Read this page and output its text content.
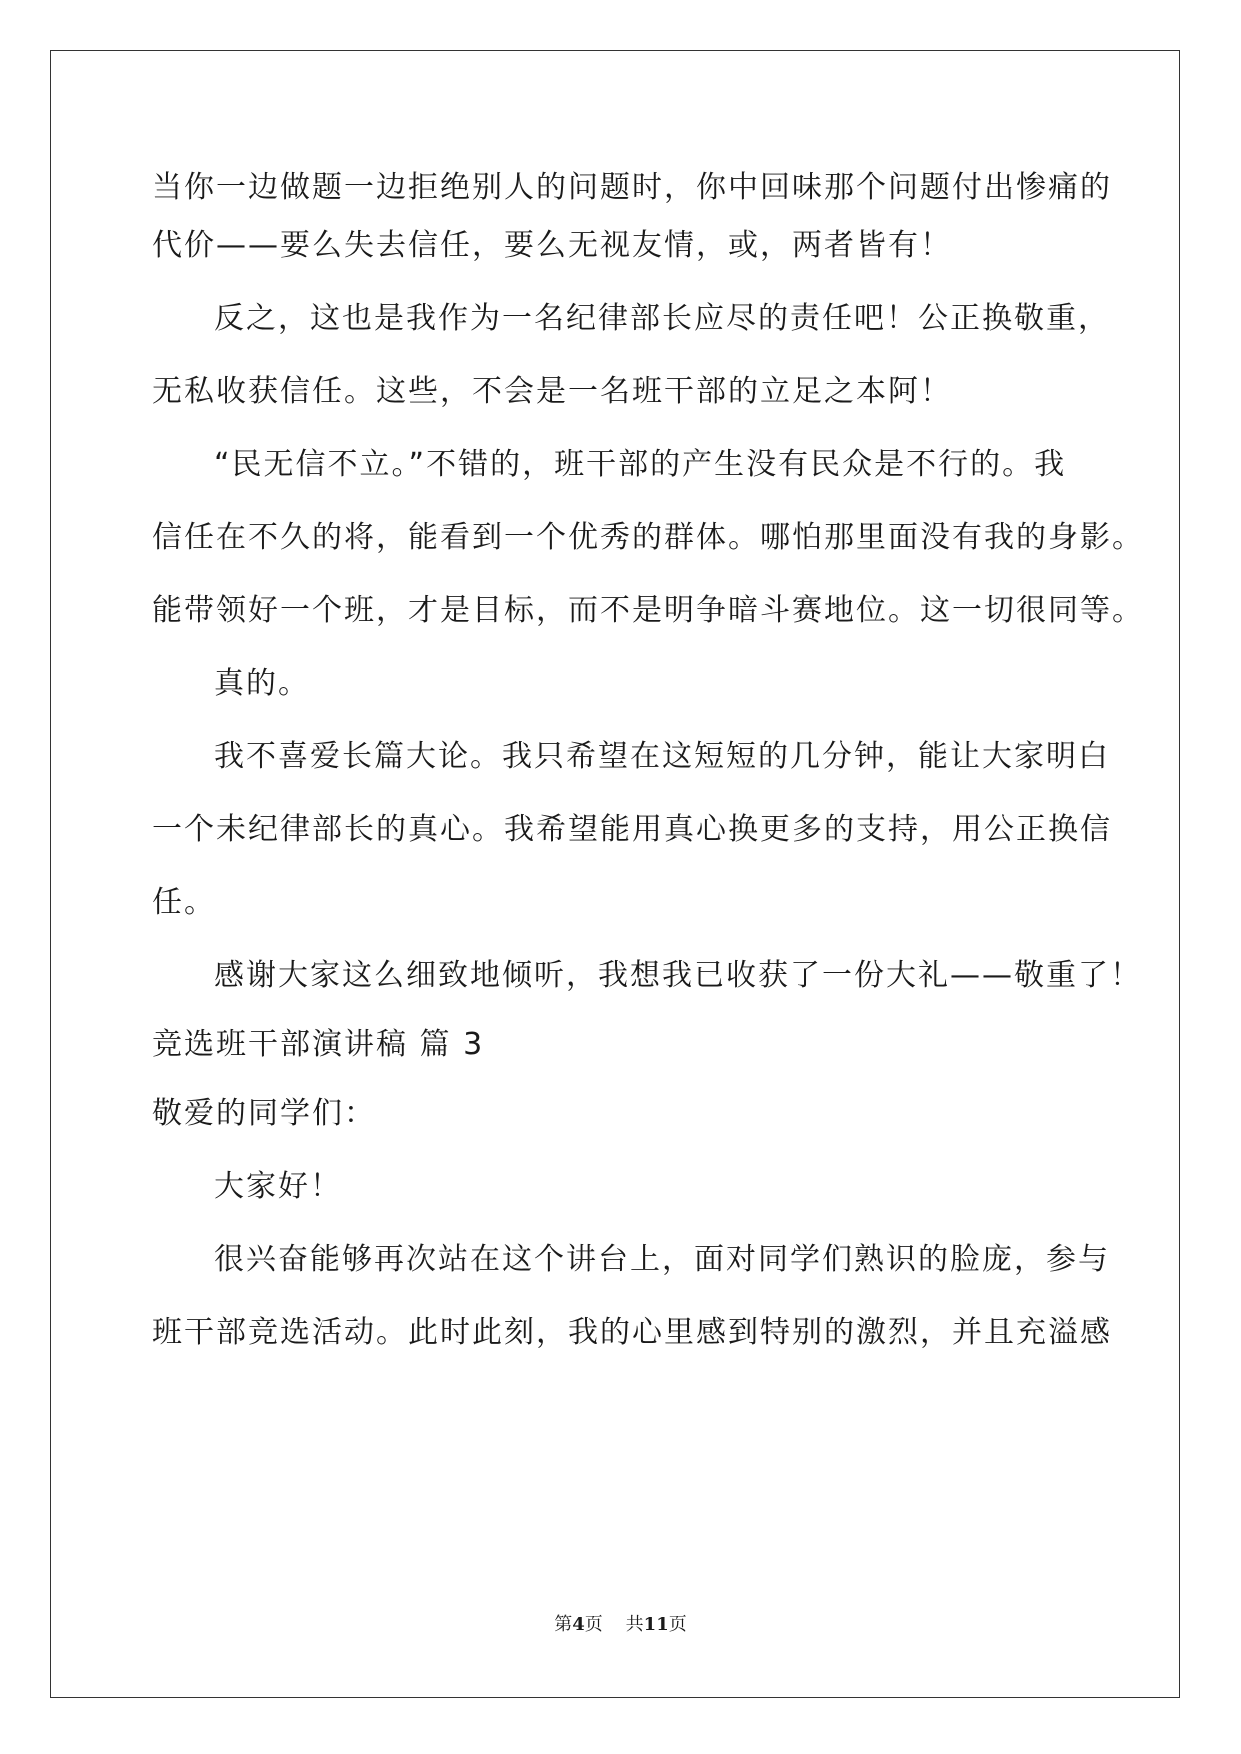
当你一边做题一边拒绝别人的问题时，你中回味那个问题付出惨痛的
代价——要么失去信任，要么无视友情，或，两者皆有！
反之，这也是我作为一名纪律部长应尽的责任吧！公正换敬重，
无私收获信任。这些，不会是一名班干部的立足之本阿！
“民无信不立。”不错的，班干部的产生没有民众是不行的。我
信任在不久的将，能看到一个优秀的群体。哪怕那里面没有我的身影。
能带领好一个班，才是目标，而不是明争暗斗赛地位。这一切很同等。
真的。
我不喜爱长篇大论。我只希望在这短短的几分钟，能让大家明白
一个未纪律部长的真心。我希望能用真心换更多的支持，用公正换信
任。
感谢大家这么细致地倾听，我想我已收获了一份大礼——敬重了！
竞选班干部演讲稿 篇 3
敬爱的同学们：
大家好！
很兴奋能够再次站在这个讲台上，面对同学们熟识的脸庞，参与
班干部竞选活动。此时此刻，我的心里感到特别的激烈，并且充溢感
第4页 共11页
